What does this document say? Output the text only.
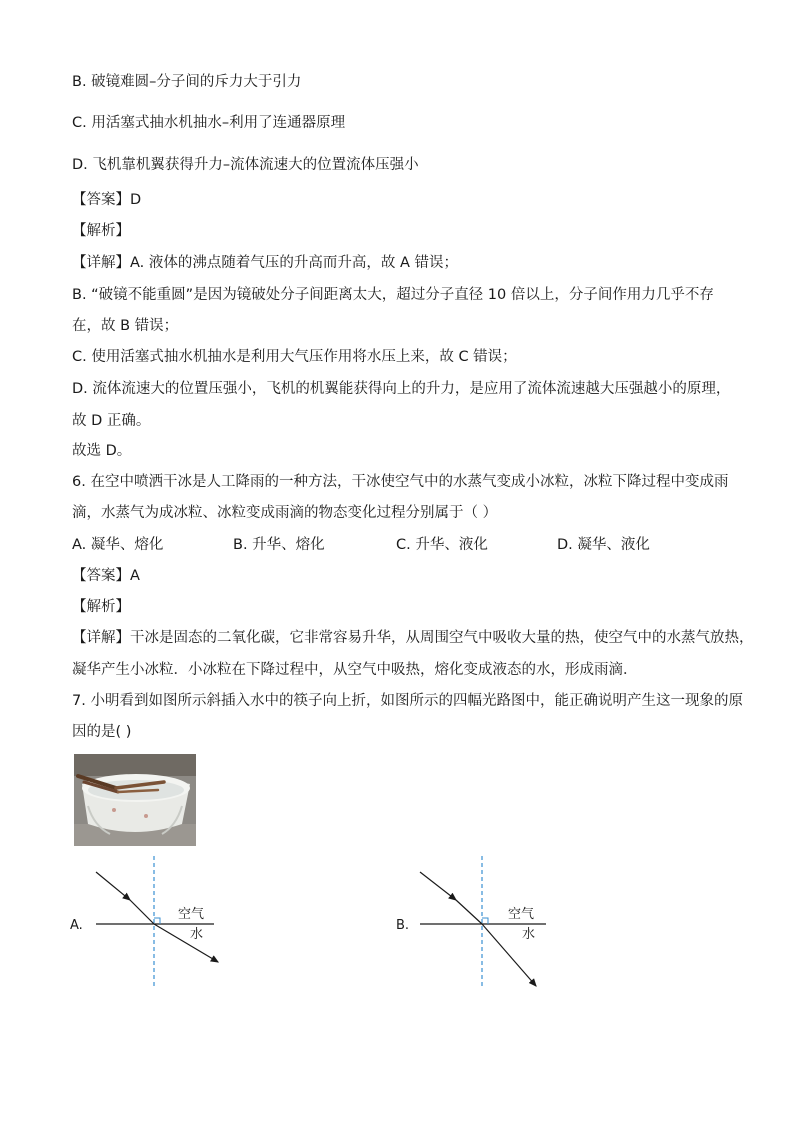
B. 破镜难圆–分子间的斥力大于引力
C. 用活塞式抽水机抽水–利用了连通器原理
D. 飞机靠机翼获得升力–流体流速大的位置流体压强小
【答案】D
【解析】
【详解】A. 液体的沸点随着气压的升高而升高，故 A 错误；
B. “破镜不能重圆”是因为镜破处分子间距离太大，超过分子直径 10 倍以上，分子间作用力几乎不存
在，故 B 错误；
C. 使用活塞式抽水机抽水是利用大气压作用将水压上来，故 C 错误；
D. 流体流速大的位置压强小，飞机的机翼能获得向上的升力，是应用了流体流速越大压强越小的原理，
故 D 正确。
故选 D。
6. 在空中喷洒干冰是人工降雨的一种方法，干冰使空气中的水蒸气变成小冰粒，冰粒下降过程中变成雨
滴，水蒸气为成冰粒、冰粒变成雨滴的物态变化过程分别属于（ ）
A. 凝华、熔化	B. 升华、熔化	C. 升华、液化	D. 凝华、液化
【答案】A
【解析】
【详解】干冰是固态的二氧化碳，它非常容易升华，从周围空气中吸收大量的热，使空气中的水蒸气放热，
凝华产生小冰粒．小冰粒在下降过程中，从空气中吸热，熔化变成液态的水，形成雨滴．
7. 小明看到如图所示斜插入水中的筷子向上折，如图所示的四幅光路图中，能正确说明产生这一现象的原
因的是( )
A.
空气
水
B.
空气
水
